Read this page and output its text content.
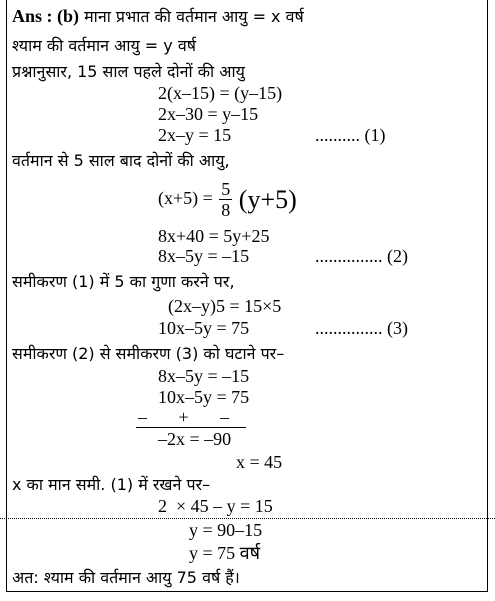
Ans : (b) माना प्रभात की वर्तमान आयु = x वर्ष
श्याम की वर्तमान आयु = y वर्ष
प्रश्नानुसार, 15 साल पहले दोनों की आयु
2(x–15) = (y–15)
2x–30 = y–15
2x–y = 15	.......... (1)
वर्तमान से 5 साल बाद दोनों की आयु,
$(x+5) = \frac{5}{8} (y+5)$
8x+40 = 5y+25
8x–5y = –15	............... (2)
समीकरण (1) में 5 का गुणा करने पर,
(2x–y)5 = 15×5
10x–5y = 75	............... (3)
समीकरण (2) से समीकरण (3) को घटाने पर–
8x–5y = –15
10x–5y = 75
–       +       –
–2x = –90
x = 45
x का मान समी. (1) में रखने पर–
2  × 45 – y = 15
y = 90–15
y = 75 वर्ष
अत: श्याम की वर्तमान आयु 75 वर्ष हैं।
